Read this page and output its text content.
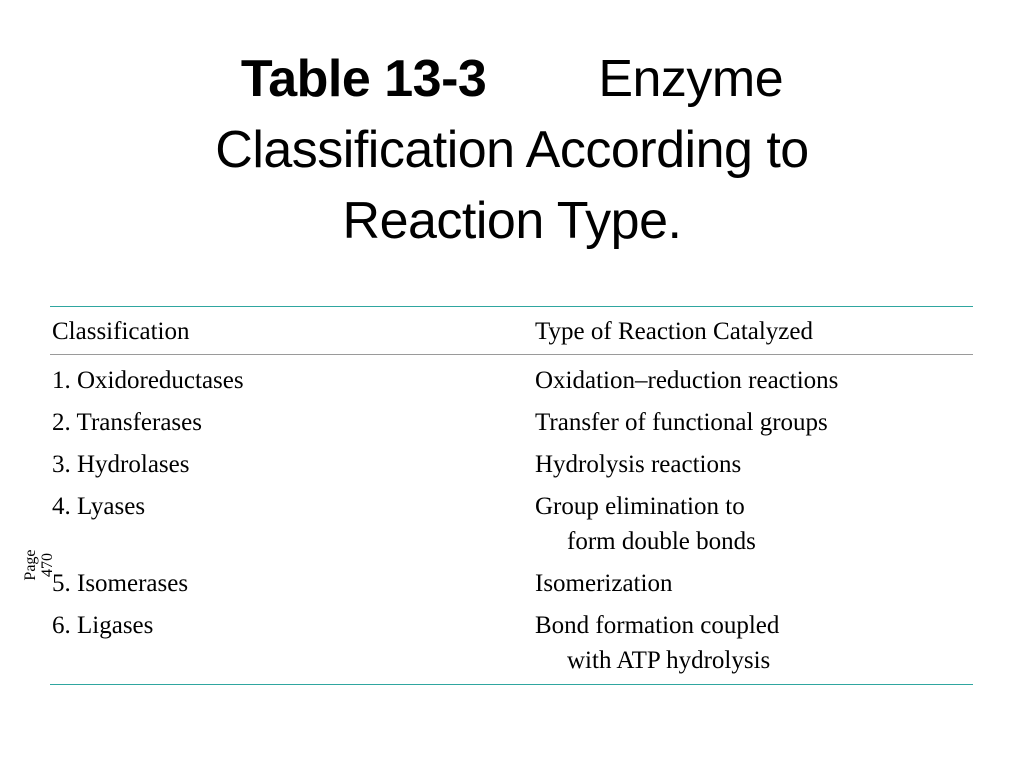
Table 13-3 Enzyme
Classification According to
Reaction Type.
Classification	Type of Reaction Catalyzed
1. Oxidoreductases	Oxidation–reduction reactions
2. Transferases	Transfer of functional groups
3. Hydrolases	Hydrolysis reactions
4. Lyases	Group elimination to
form double bonds
5. Isomerases	Isomerization
6. Ligases	Bond formation coupled
with ATP hydrolysis
Page 470
